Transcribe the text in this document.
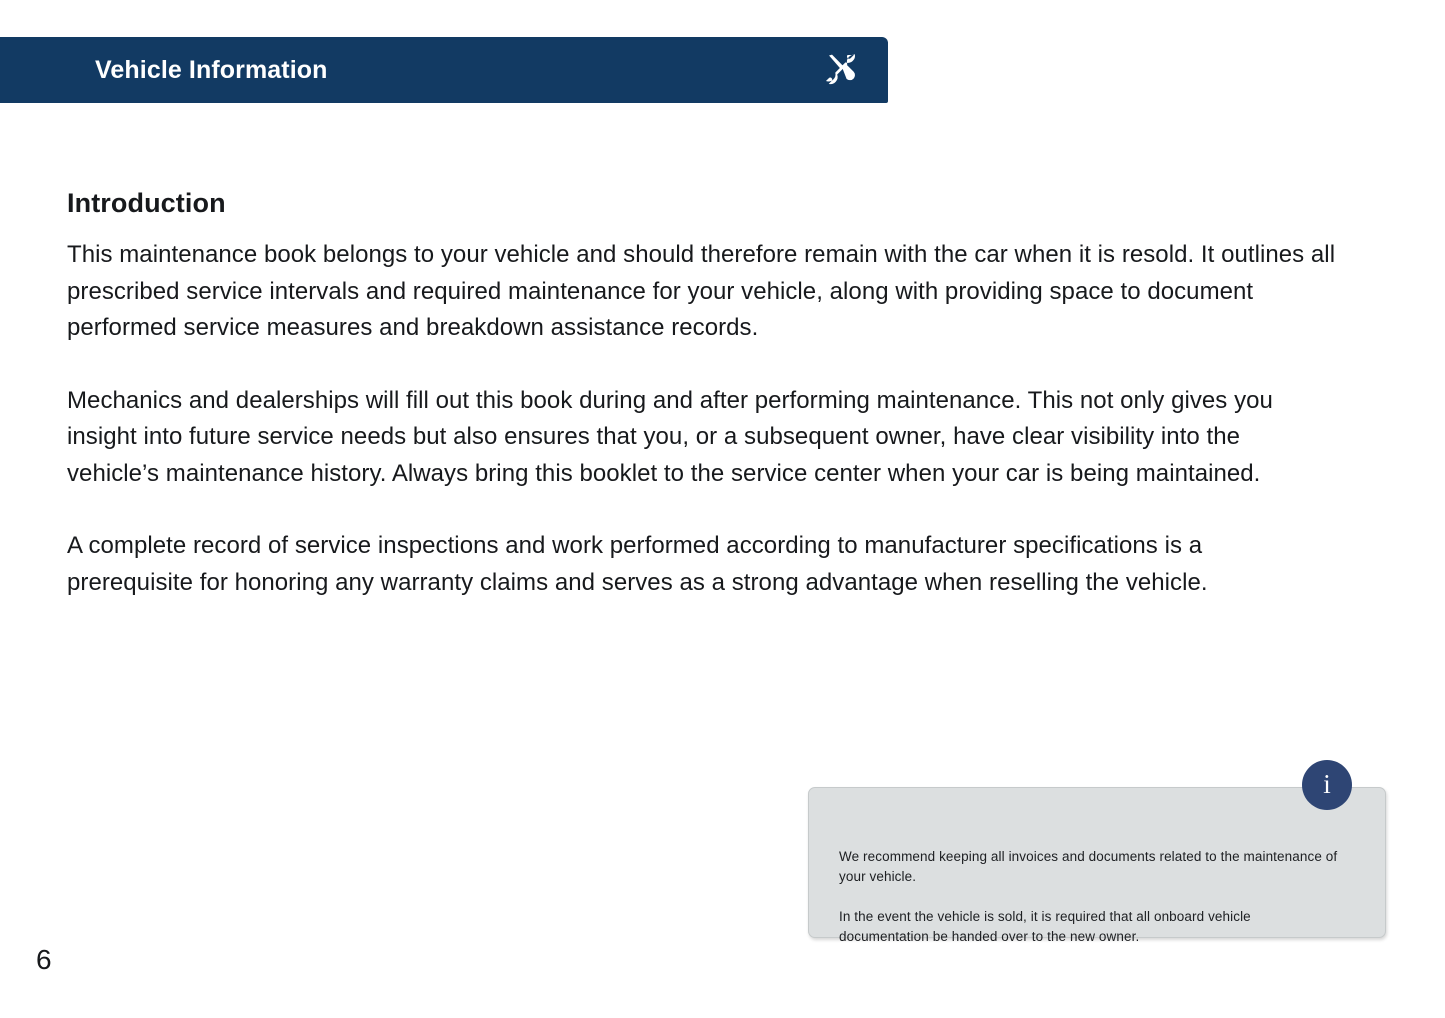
Vehicle Information
Introduction

This maintenance book belongs to your vehicle and should therefore remain with the car when it is resold. It outlines all prescribed service intervals and required maintenance for your vehicle, along with providing space to document performed service measures and breakdown assistance records.

Mechanics and dealerships will fill out this book during and after performing maintenance. This not only gives you insight into future service needs but also ensures that you, or a subsequent owner, have clear visibility into the vehicle’s maintenance history. Always bring this booklet to the service center when your car is being maintained.

A complete record of service inspections and work performed according to manufacturer specifications is a prerequisite for honoring any warranty claims and serves as a strong advantage when reselling the vehicle.

We recommend keeping all invoices and documents related to the maintenance of your vehicle.

In the event the vehicle is sold, it is required that all onboard vehicle documentation be handed over to the new owner.

i
6
